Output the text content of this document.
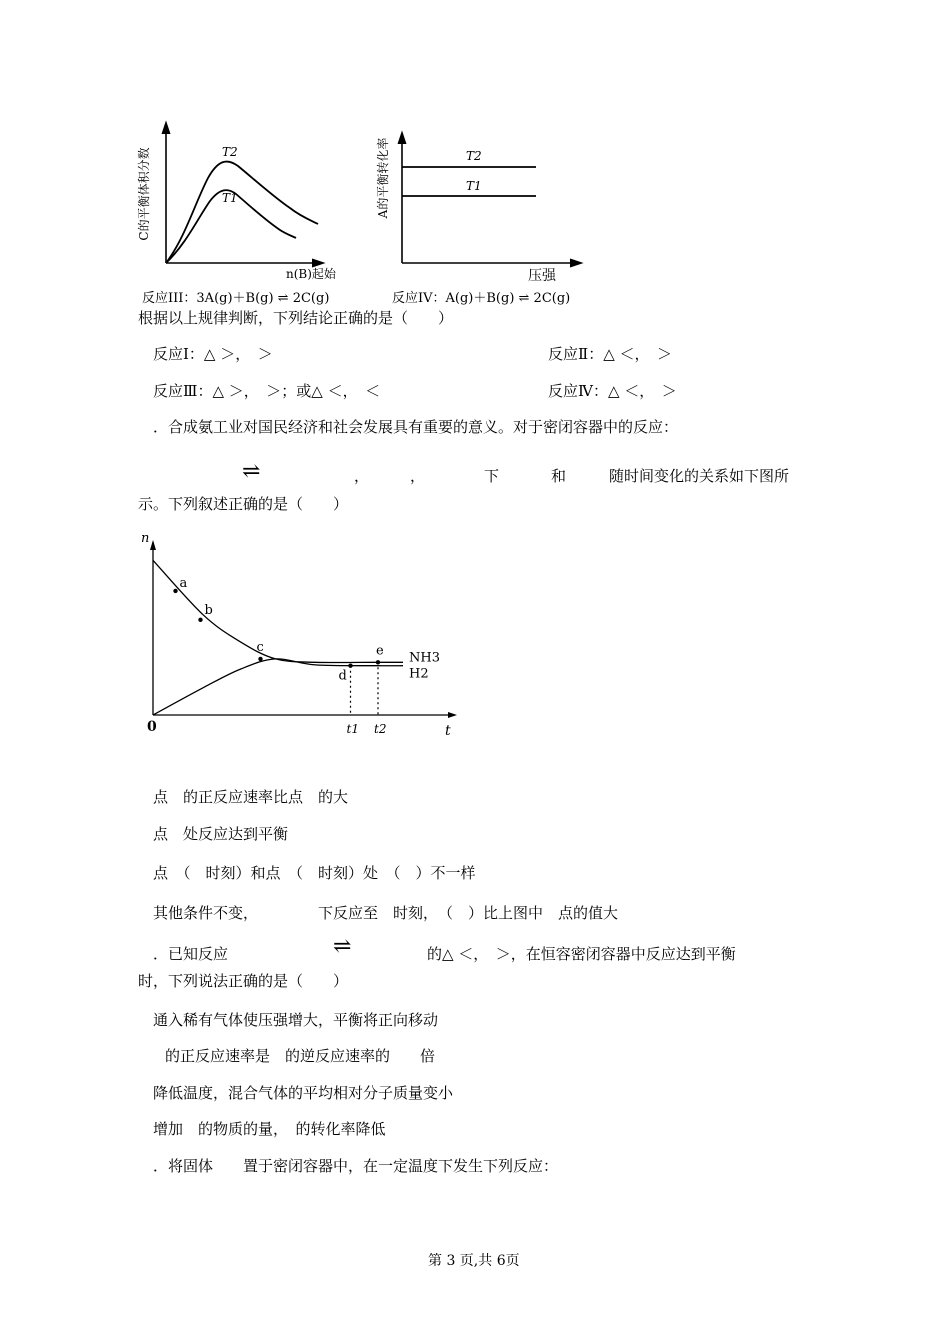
C的平衡体积分数	T2
T1
n(B)起始
反应III：3A(g)＋B(g) ⇌ 2C(g)
A的平衡转化率	T2
T1
压强
反应IV：A(g)＋B(g) ⇌ 2C(g)
根据以上规律判断，下列结论正确的是（　　）
反应Ⅰ：△ ＞，　＞	反应Ⅱ：△ ＜，　＞
反应Ⅲ：△ ＞，　＞；或△ ＜，　＜	反应Ⅳ：△ ＜，　＞
．合成氨工业对国民经济和社会发展具有重要的意义。对于密闭容器中的反应：
⇌	，	，	下	和	随时间变化的关系如下图所
示。下列叙述正确的是（　　）
n
t
0
a
b
c
d
e
t1 t2
NH3
H2
点　的正反应速率比点　的大
点　处反应达到平衡
点　（　时刻）和点　（　时刻）处　（　）不一样
其他条件不变，	下反应至　时刻，　（　）比上图中　点的值大
．已知反应	⇌	的△ ＜，　＞，在恒容密闭容器中反应达到平衡
时，下列说法正确的是（　　）
通入稀有气体使压强增大，平衡将正向移动
的正反应速率是　的逆反应速率的　　倍
降低温度，混合气体的平均相对分子质量变小
增加　的物质的量，　的转化率降低
．将固体　　置于密闭容器中，在一定温度下发生下列反应：
第 3 页,共 6页
